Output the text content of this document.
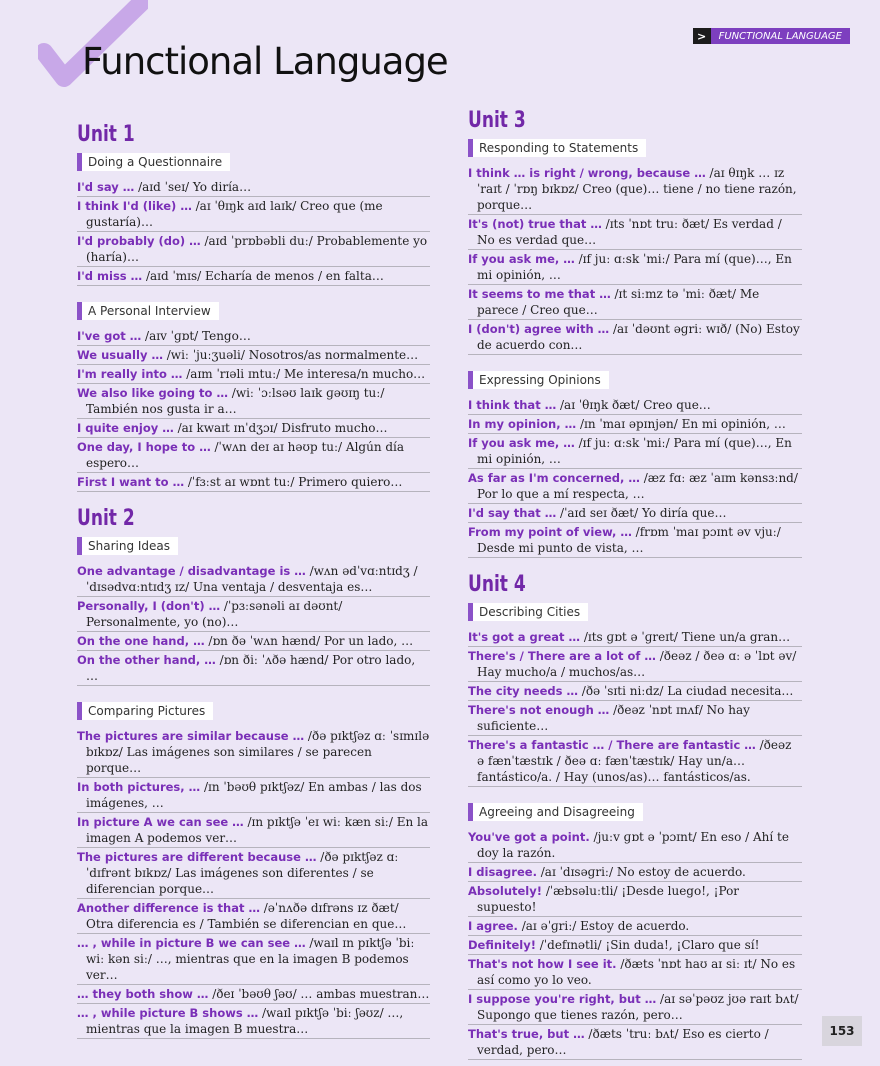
Functional Language
>	FUNCTIONAL LANGUAGE
Unit 1
Doing a Questionnaire

I'd say … /aɪd ˈseɪ/ Yo diría…
I think I'd (like) … /aɪ ˈθɪŋk aɪd laɪk/ Creo que (me gustaría)…
I'd probably (do) … /aɪd ˈprɒbəbli duː/ Probablemente yo (haría)…
I'd miss … /aɪd ˈmɪs/ Echaría de menos / en falta…
A Personal Interview

I've got … /aɪv ˈɡɒt/ Tengo…
We usually … /wiː ˈjuːʒuəli/ Nosotros/as normalmente…
I'm really into … /aɪm ˈrɪəli ɪntuː/ Me interesa/n mucho…
We also like going to … /wiː ˈɔːlsəʊ laɪk ɡəʊɪŋ tuː/ También nos gusta ir a…
I quite enjoy … /aɪ kwaɪt ɪnˈdʒɔɪ/ Disfruto mucho…
One day, I hope to … /ˈwʌn deɪ aɪ həʊp tuː/ Algún día espero…
First I want to … /ˈfɜːst aɪ wɒnt tuː/ Primero quiero…
Unit 2
Sharing Ideas

One advantage / disadvantage is … /wʌn ədˈvɑːntɪdʒ / ˈdɪsədvɑːntɪdʒ ɪz/ Una ventaja / desventaja es…
Personally, I (don't) … /ˈpɜːsənəli aɪ dəʊnt/ Personalmente, yo (no)…
On the one hand, … /ɒn ðə ˈwʌn hænd/ Por un lado, …
On the other hand, … /ɒn ðiː ˈʌðə hænd/ Por otro lado, …
Comparing Pictures

The pictures are similar because … /ðə pɪktʃəz ɑː ˈsɪmɪlə bɪkɒz/ Las imágenes son similares / se parecen porque…
In both pictures, … /ɪn ˈbəʊθ pɪktʃəz/ En ambas / las dos imágenes, …
In picture A we can see … /ɪn pɪktʃə ˈeɪ wiː kæn siː/ En la imagen A podemos ver…
The pictures are different because … /ðə pɪktʃəz ɑː ˈdɪfrənt bɪkɒz/ Las imágenes son diferentes / se diferencian porque…
Another difference is that … /əˈnʌðə dɪfrəns ɪz ðæt/ Otra diferencia es / También se diferencian en que…
… , while in picture B we can see … /waɪl ɪn pɪktʃə ˈbiː wiː kən siː/ …, mientras que en la imagen B podemos ver…
… they both show … /ðeɪ ˈbəʊθ ʃəʊ/ … ambas muestran…
… , while picture B shows … /waɪl pɪktʃə ˈbiː ʃəʊz/ …, mientras que la imagen B muestra…
Unit 3
Responding to Statements

I think … is right / wrong, because … /aɪ θɪŋk … ɪz ˈraɪt / ˈrɒŋ bɪkɒz/ Creo (que)… tiene / no tiene razón, porque…
It's (not) true that … /ɪts ˈnɒt truː ðæt/ Es verdad / No es verdad que…
If you ask me, … /ɪf juː ɑːsk ˈmiː/ Para mí (que)…, En mi opinión, …
It seems to me that … /ɪt siːmz tə ˈmiː ðæt/ Me parece / Creo que…
I (don't) agree with … /aɪ ˈdəʊnt əɡriː wɪð/ (No) Estoy de acuerdo con…
Expressing Opinions

I think that … /aɪ ˈθɪŋk ðæt/ Creo que…
In my opinion, … /ɪn ˈmaɪ əpɪnjən/ En mi opinión, …
If you ask me, … /ɪf juː ɑːsk ˈmiː/ Para mí (que)…, En mi opinión, …
As far as I'm concerned, … /æz fɑː æz ˈaɪm kənsɜːnd/ Por lo que a mí respecta, …
I'd say that … /ˈaɪd seɪ ðæt/ Yo diría que…
From my point of view, … /frɒm ˈmaɪ pɔɪnt əv vjuː/ Desde mi punto de vista, …
Unit 4
Describing Cities

It's got a great … /ɪts ɡɒt ə ˈɡreɪt/ Tiene un/a gran…
There's / There are a lot of … /ðeəz / ðeə ɑː ə ˈlɒt əv/ Hay mucho/a / muchos/as…
The city needs … /ðə ˈsɪti niːdz/ La ciudad necesita…
There's not enough … /ðeəz ˈnɒt ɪnʌf/ No hay suficiente…
There's a fantastic … / There are fantastic … /ðeəz ə fænˈtæstɪk / ðeə ɑː fænˈtæstɪk/ Hay un/a… fantástico/a. / Hay (unos/as)… fantásticos/as.
Agreeing and Disagreeing

You've got a point. /juːv ɡɒt ə ˈpɔɪnt/ En eso / Ahí te doy la razón.
I disagree. /aɪ ˈdɪsəɡriː/ No estoy de acuerdo.
Absolutely! /ˈæbsəluːtli/ ¡Desde luego!, ¡Por supuesto!
I agree. /aɪ əˈɡriː/ Estoy de acuerdo.
Definitely! /ˈdefɪnətli/ ¡Sin duda!, ¡Claro que sí!
That's not how I see it. /ðæts ˈnɒt haʊ aɪ siː ɪt/ No es así como yo lo veo.
I suppose you're right, but … /aɪ səˈpəʊz jʊə raɪt bʌt/ Supongo que tienes razón, pero…
That's true, but … /ðæts ˈtruː bʌt/ Eso es cierto / verdad, pero…
153
